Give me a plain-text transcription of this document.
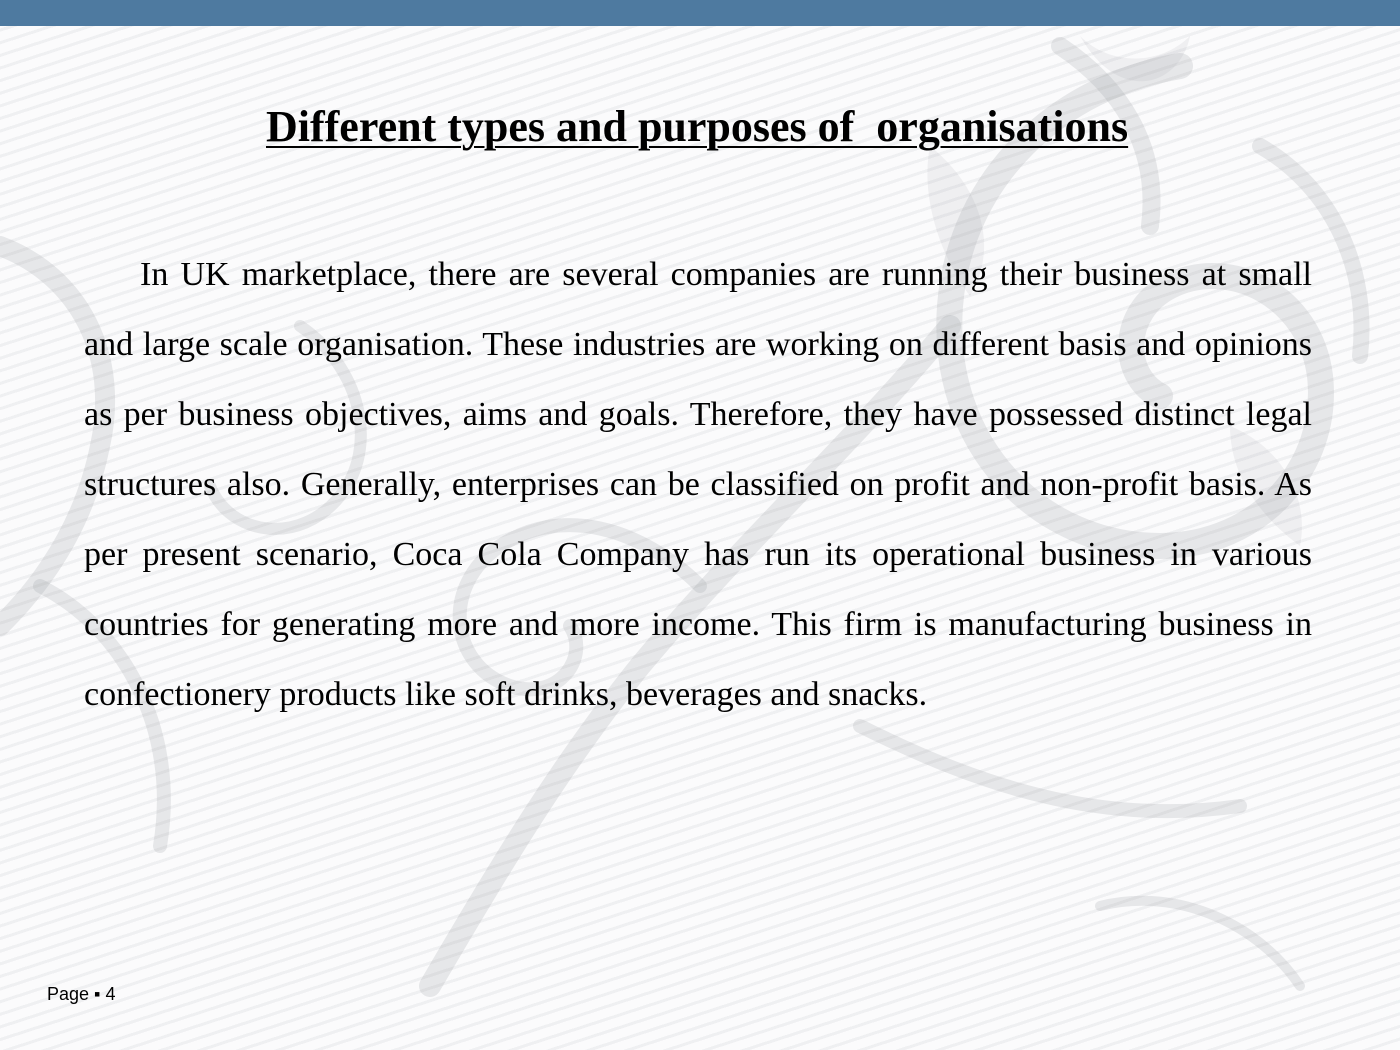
Different types and purposes of  organisations

In UK marketplace, there are several companies are running their business at small and large scale organisation. These industries are working on different basis and opinions as per business objectives, aims and goals. Therefore, they have possessed distinct legal structures also. Generally, enterprises can be classified on profit and non-profit basis. As per present scenario, Coca Cola Company has run its operational business in various countries for generating more and more income. This firm is manufacturing business in confectionery products like soft drinks, beverages and snacks.

Page ▪ 4
